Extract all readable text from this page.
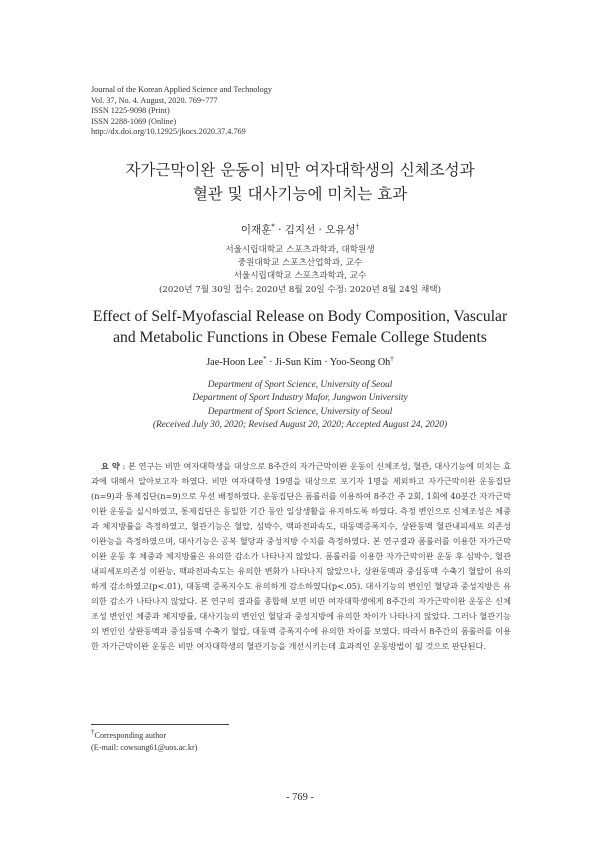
Journal of the Korean Applied Science and Technology
Vol. 37, No. 4. August, 2020. 769~777
ISSN 1225-9098 (Print)
ISSN 2288-1069 (Online)
http://dx.doi.org/10.12925/jkocs.2020.37.4.769
자가근막이완 운동이 비만 여자대학생의 신체조성과
혈관 및 대사기능에 미치는 효과
이재훈* · 김지선 · 오유성†
서울시립대학교 스포츠과학과, 대학원생
중원대학교 스포츠산업학과, 교수
서울시립대학교 스포츠과학과, 교수
(2020년 7월 30일 접수: 2020년 8월 20일 수정: 2020년 8월 24일 채택)
Effect of Self-Myofascial Release on Body Composition, Vascular
and Metabolic Functions in Obese Female College Students
Jae-Hoon Lee* · Ji-Sun Kim · Yoo-Seong Oh†
Department of Sport Science, University of Seoul
Department of Sport Industry Mafor, Jungwon University
Department of Sport Science, University of Seoul
(Received July 30, 2020; Revised August 20, 2020; Accepted August 24, 2020)
요 약 : 본 연구는 비만 여자대학생을 대상으로 8주간의 자가근막이완 운동이 신체조성, 혈관, 대사기능에 미치는 효과에 대해서 알아보고자 하였다. 비만 여자대학생 19명을 대상으로 포기자 1명을 제외하고 자가근막이완 운동집단(n=9)과 통제집단(n=9)으로 무선 배정하였다. 운동집단은 폼롤러를 이용하여 8주간 주 2회, 1회에 40분간 자가근막이완 운동을 실시하였고, 통제집단은 동일한 기간 동안 일상생활을 유지하도록 하였다. 측정 변인으로 신체조성은 체중과 체지방률을 측정하였고, 혈관기능은 혈압, 심박수, 맥파전파속도, 대동맥증폭지수, 상완동맥 혈관내피세포 의존성 이완능을 측정하였으며, 대사기능은 공복 혈당과 중성지방 수치를 측정하였다. 본 연구결과 폼롤러를 이용한 자가근막이완 운동 후 체중과 체지방률은 유의한 감소가 나타나지 않았다. 폼롤러를 이용한 자가근막이완 운동 후 심박수, 혈관내피세포의존성 이완능, 맥파전파속도는 유의한 변화가 나타나지 않았으나, 상완동맥과 중심동맥 수축기 혈압이 유의하게 감소하였고(p<.01), 대동맥 증폭지수도 유의하게 감소하였다(p<.05). 대사기능의 변인인 혈당과 중성지방은 유의한 감소가 나타나지 않았다. 본 연구의 결과를 종합해 보면 비만 여자대학생에게 8주간의 자가근막이완 운동은 신체조성 변인인 체중과 체지방률, 대사기능의 변인인 혈당과 중성지방에 유의한 차이가 나타나지 않았다. 그러나 혈관기능의 변인인 상완동맥과 중심동맥 수축기 혈압, 대동맥 증폭지수에 유의한 차이를 보였다. 따라서 8주간의 폼롤러를 이용한 자가근막이완 운동은 비만 여자대학생의 혈관기능을 개선시키는데 효과적인 운동방법이 될 것으로 판단된다.
†Corresponding author
(E-mail: cowsung61@uos.ac.kr)
- 769 -
